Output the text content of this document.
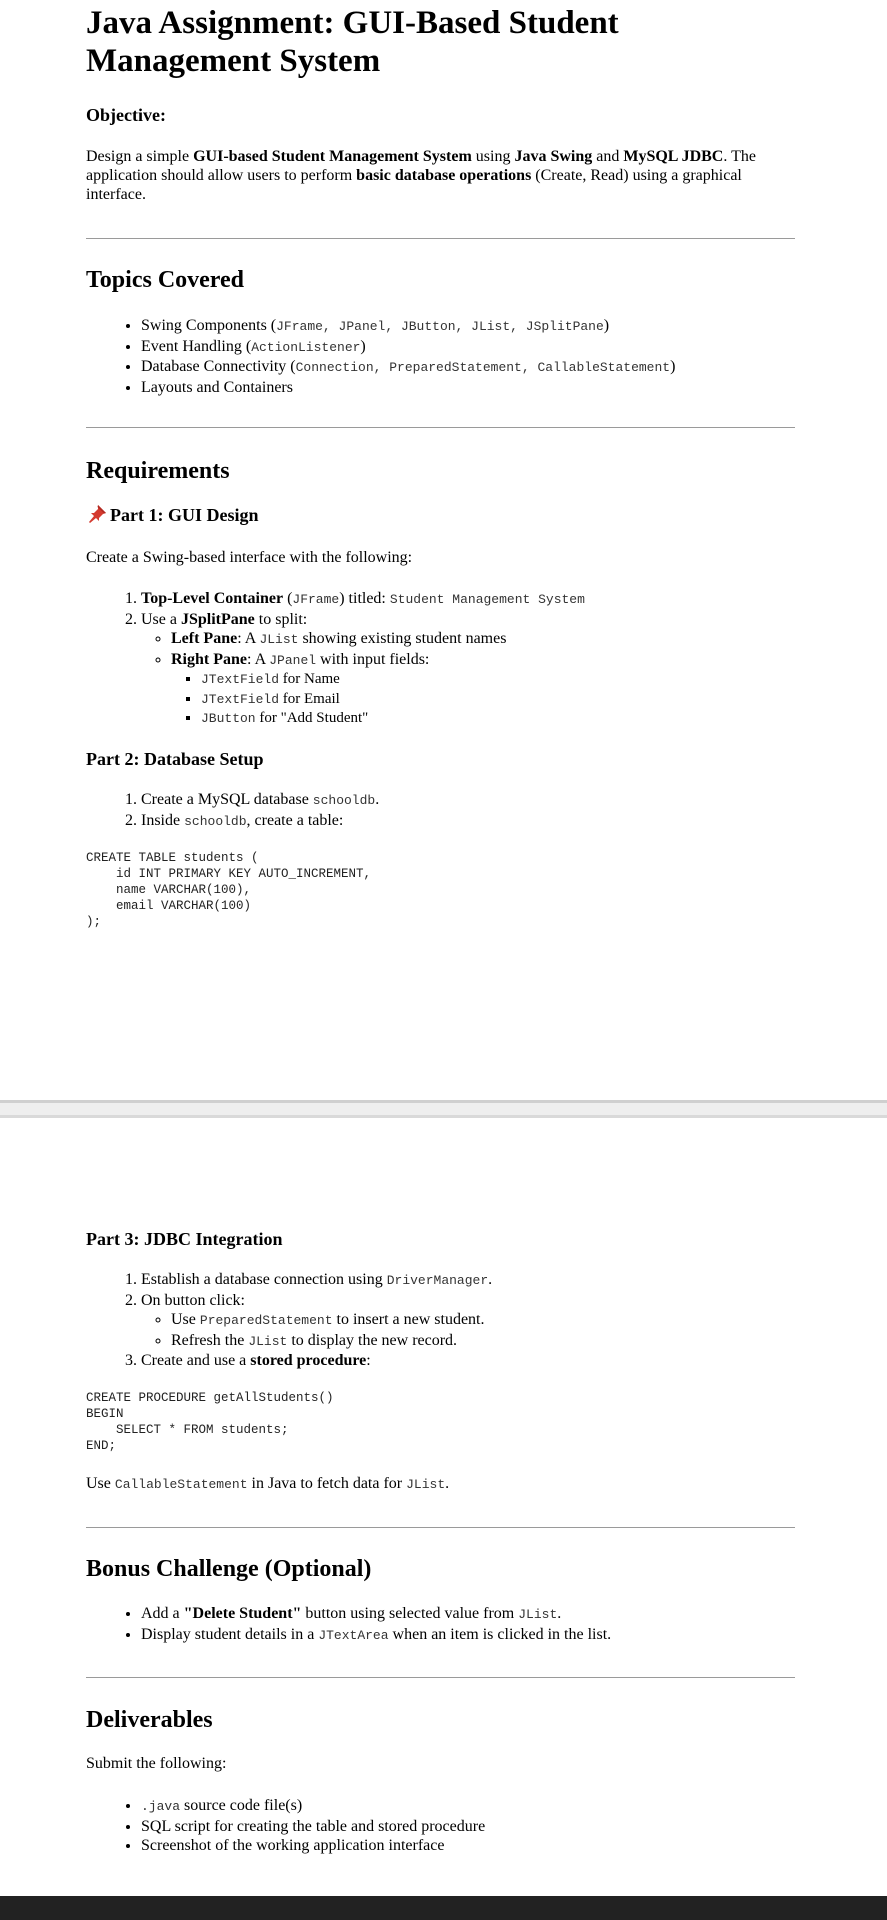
Java Assignment: GUI-Based Student
Management System
Objective:

Design a simple GUI-based Student Management System using Java Swing and MySQL JDBC. The application should allow users to perform basic database operations (Create, Read) using a graphical interface.

Topics Covered
• Swing Components (JFrame, JPanel, JButton, JList, JSplitPane)
• Event Handling (ActionListener)
• Database Connectivity (Connection, PreparedStatement, CallableStatement)
• Layouts and Containers
Requirements
Part 1: GUI Design

Create a Swing-based interface with the following:

1. Top-Level Container (JFrame) titled: Student Management System
2. Use a JSplitPane to split:
◦ Left Pane: A JList showing existing student names
◦ Right Pane: A JPanel with input fields:
▪ JTextField for Name
▪ JTextField for Email
▪ JButton for "Add Student"
Part 2: Database Setup
1. Create a MySQL database schooldb.
2. Inside schooldb, create a table:
CREATE TABLE students (
id INT PRIMARY KEY AUTO_INCREMENT,
name VARCHAR(100),
email VARCHAR(100)
);
Part 3: JDBC Integration
1. Establish a database connection using DriverManager.
2. On button click:
◦ Use PreparedStatement to insert a new student.
◦ Refresh the JList to display the new record.
3. Create and use a stored procedure:
CREATE PROCEDURE getAllStudents()
BEGIN
SELECT * FROM students;
END;

Use CallableStatement in Java to fetch data for JList.

Bonus Challenge (Optional)
• Add a "Delete Student" button using selected value from JList.
• Display student details in a JTextArea when an item is clicked in the list.
Deliverables

Submit the following:

• .java source code file(s)
• SQL script for creating the table and stored procedure
• Screenshot of the working application interface
